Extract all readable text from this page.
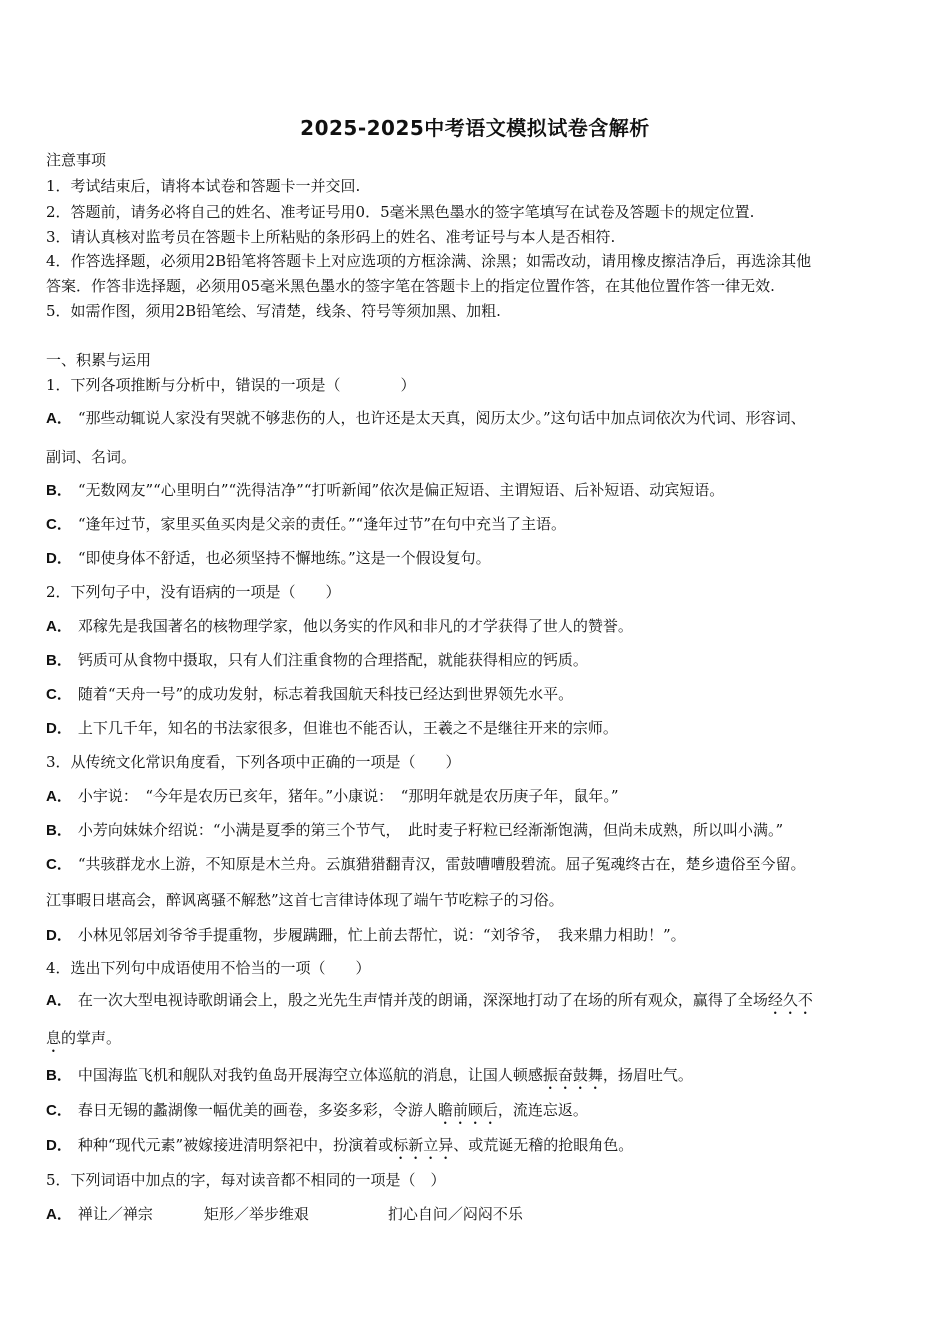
2025-2025中考语文模拟试卷含解析
注意事项
1．考试结束后，请将本试卷和答题卡一并交回.
2．答题前，请务必将自己的姓名、准考证号用0．5毫米黑色墨水的签字笔填写在试卷及答题卡的规定位置.
3．请认真核对监考员在答题卡上所粘贴的条形码上的姓名、准考证号与本人是否相符.
4．作答选择题，必须用2B铅笔将答题卡上对应选项的方框涂满、涂黑；如需改动，请用橡皮擦洁净后，再选涂其他
答案．作答非选择题，必须用05毫米黑色墨水的签字笔在答题卡上的指定位置作答，在其他位置作答一律无效.
5．如需作图，须用2B铅笔绘、写清楚，线条、符号等须加黑、加粗.
一、积累与运用
1．下列各项推断与分析中，错误的一项是（　　　　）
A． “那些动辄说人家没有哭就不够悲伤的人，也许还是太天真，阅历太少。”这句话中加点词依次为代词、形容词、
副词、名词。
B． “无数网友”“心里明白”“洗得洁净”“打听新闻”依次是偏正短语、主谓短语、后补短语、动宾短语。
C． “逢年过节，家里买鱼买肉是父亲的责任。”“逢年过节”在句中充当了主语。
D． “即使身体不舒适，也必须坚持不懈地练。”这是一个假设复句。
2．下列句子中，没有语病的一项是（　　）
A． 邓稼先是我国著名的核物理学家，他以务实的作风和非凡的才学获得了世人的赞誉。
B． 钙质可从食物中摄取，只有人们注重食物的合理搭配，就能获得相应的钙质。
C． 随着“天舟一号”的成功发射，标志着我国航天科技已经达到世界领先水平。
D． 上下几千年，知名的书法家很多，但谁也不能否认，王羲之不是继往开来的宗师。
3．从传统文化常识角度看，下列各项中正确的一项是（　　）
A． 小宇说：　“今年是农历已亥年，猪年。”小康说：　“那明年就是农历庚子年，鼠年。”
B． 小芳向妹妹介绍说：“小满是夏季的第三个节气，　此时麦子籽粒已经渐渐饱满，但尚未成熟，所以叫小满。”
C． “共骇群龙水上游，不知原是木兰舟。云旗猎猎翻青汉，雷鼓嘈嘈殷碧流。屈子冤魂终古在，楚乡遗俗至今留。
江事暇日堪高会，醉讽离骚不解愁”这首七言律诗体现了端午节吃粽子的习俗。
D． 小林见邻居刘爷爷手提重物，步履蹒跚，忙上前去帮忙，说：“刘爷爷，　我来鼎力相助！”。
4．选出下列句中成语使用不恰当的一项（　　）
A． 在一次大型电视诗歌朗诵会上，殷之光先生声情并茂的朗诵，深深地打动了在场的所有观众，赢得了全场经久不
息的掌声。
B． 中国海监飞机和舰队对我钓鱼岛开展海空立体巡航的消息，让国人顿感振奋鼓舞，扬眉吐气。
C． 春日无锡的蠡湖像一幅优美的画卷，多姿多彩，令游人瞻前顾后，流连忘返。
D． 种种“现代元素”被嫁接进清明祭祀中，扮演着或标新立异、或荒诞无稽的抢眼角色。
5．下列词语中加点的字，每对读音都不相同的一项是（　）
A． 禅让／禅宗	矩形／举步维艰	扪心自问／闷闷不乐
